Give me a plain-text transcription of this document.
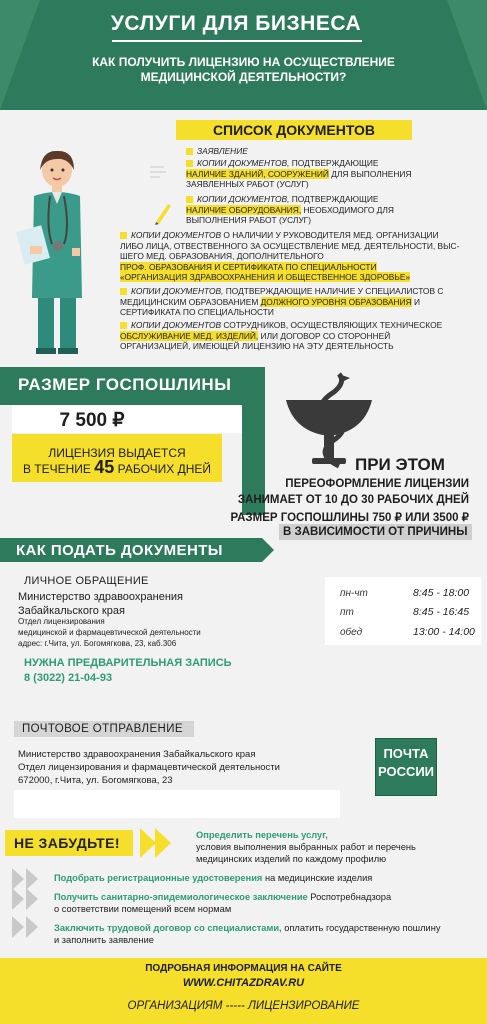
УСЛУГИ ДЛЯ БИЗНЕСА
КАК ПОЛУЧИТЬ ЛИЦЕНЗИЮ НА ОСУЩЕСТВЛЕНИЕ
МЕДИЦИНСКОЙ ДЕЯТЕЛЬНОСТИ?
СПИСОК ДОКУМЕНТОВ
ЗАЯВЛЕНИЕ
КОПИИ ДОКУМЕНТОВ, ПОДТВЕРЖДАЮЩИЕ
НАЛИЧИЕ ЗДАНИЙ, СООРУЖЕНИЙ ДЛЯ ВЫПОЛНЕНИЯ
ЗАЯВЛЕННЫХ РАБОТ (УСЛУГ)
КОПИИ ДОКУМЕНТОВ, ПОДТВЕРЖДАЮЩИЕ
НАЛИЧИЕ ОБОРУДОВАНИЯ, НЕОБХОДИМОГО ДЛЯ
ВЫПОЛНЕНИЯ РАБОТ (УСЛУГ)
КОПИИ ДОКУМЕНТОВ О НАЛИЧИИ У РУКОВОДИТЕЛЯ МЕД. ОРГАНИЗАЦИИ
ЛИБО ЛИЦА, ОТВЕСТВЕННОГО ЗА ОСУЩЕСТВЛЕНИЕ МЕД. ДЕЯТЕЛЬНОСТИ, ВЫС-
ШЕГО МЕД. ОБРАЗОВАНИЯ, ДОПОЛНИТЕЛЬНОГО
ПРОФ. ОБРАЗОВАНИЯ И СЕРТИФИКАТА ПО СПЕЦИАЛЬНОСТИ
«ОРГАНИЗАЦИЯ ЗДРАВООХРАНЕНИЯ И ОБЩЕСТВЕННОЕ ЗДОРОВЬЕ»
КОПИИ ДОКУМЕНТОВ, ПОДТВЕРЖДАЮЩИЕ НАЛИЧИЕ У СПЕЦИАЛИСТОВ С
МЕДИЦИНСКИМ ОБРАЗОВАНИЕМ ДОЛЖНОГО УРОВНЯ ОБРАЗОВАНИЯ И
СЕРТИФИКАТА ПО СПЕЦИАЛЬНОСТИ
КОПИИ ДОКУМЕНТОВ СОТРУДНИКОВ, ОСУЩЕСТВЛЯЮЩИХ ТЕХНИЧЕСКОЕ
ОБСЛУЖИВАНИЕ МЕД. ИЗДЕЛИЙ, ИЛИ ДОГОВОР СО СТОРОННЕЙ
ОРГАНИЗАЦИЕЙ, ИМЕЮЩЕЙ ЛИЦЕНЗИЮ НА ЭТУ ДЕЯТЕЛЬНОСТЬ
РАЗМЕР ГОСПОШЛИНЫ
7 500 ₽
ЛИЦЕНЗИЯ ВЫДАЕТСЯ
В ТЕЧЕНИЕ 45 РАБОЧИХ ДНЕЙ	ПРИ ЭТОМ
ПЕРЕОФОРМЛЕНИЕ ЛИЦЕНЗИИ
ЗАНИМАЕТ ОТ 10 ДО 30 РАБОЧИХ ДНЕЙ
РАЗМЕР ГОСПОШЛИНЫ 750 ₽ ИЛИ 3500 ₽
В ЗАВИСИМОСТИ ОТ ПРИЧИНЫ
КАК ПОДАТЬ ДОКУМЕНТЫ
ЛИЧНОЕ ОБРАЩЕНИЕ
Министерство здравоохранения
Забайкальского края
Отдел лицензирования
медицинской и фармацевтической деятельности
адрес: г.Чита, ул. Богомягкова, 23, каб.306
НУЖНА ПРЕДВАРИТЕЛЬНАЯ ЗАПИСЬ
8 (3022) 21-04-93
пн-чт	8:45 - 18:00
пт	8:45 - 16:45
обед	13:00 - 14:00
ПОЧТОВОЕ ОТПРАВЛЕНИЕ
Министерство здравоохранения Забайкальского края
Отдел лицензирования и фармацевтической деятельности
672000, г.Чита, ул. Богомягкова, 23
ПОЧТА
РОССИИ
НЕ ЗАБУДЬТЕ!	Определить перечень услуг,
условия выполнения выбранных работ и перечень
медицинских изделий по каждому профилю
Подобрать регистрационные удостоверения на медицинские изделия
Получить санитарно-эпидемиологическое заключение Роспотребнадзора
о соответствии помещений всем нормам
Заключить трудовой договор со специалистами, оплатить государственную пошлину
и заполнить заявление
ПОДРОБНАЯ ИНФОРМАЦИЯ НА САЙТЕ
WWW.CHITAZDRAV.RU
ОРГАНИЗАЦИЯМ ----- ЛИЦЕНЗИРОВАНИЕ
